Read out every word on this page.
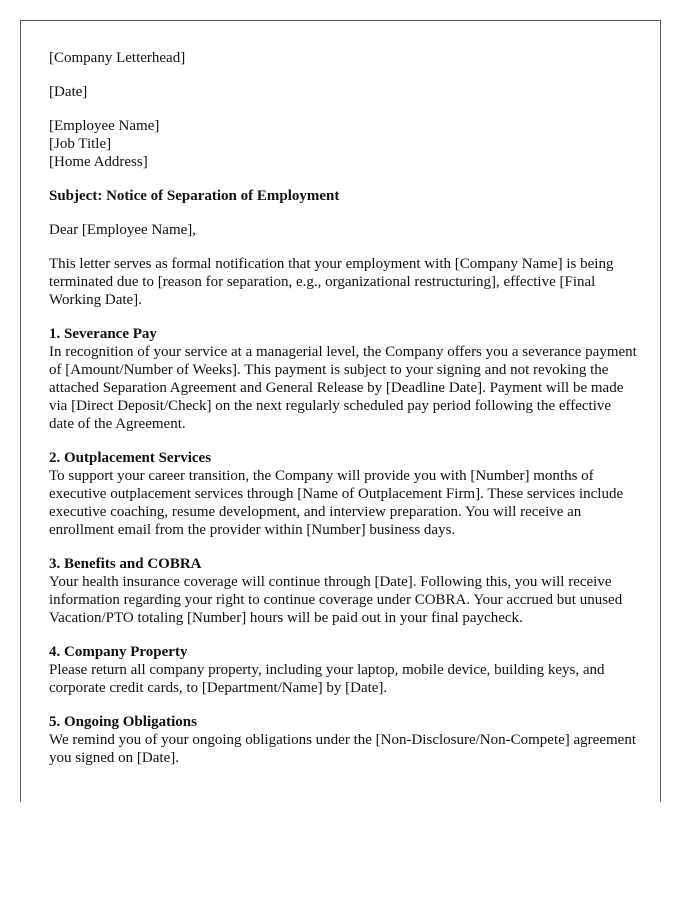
[Company Letterhead]

[Date]

[Employee Name]
[Job Title]
[Home Address]

Subject: Notice of Separation of Employment

Dear [Employee Name],

This letter serves as formal notification that your employment with [Company Name] is being terminated due to [reason for separation, e.g., organizational restructuring], effective [Final Working Date].

1. Severance Pay
In recognition of your service at a managerial level, the Company offers you a severance payment of [Amount/Number of Weeks]. This payment is subject to your signing and not revoking the attached Separation Agreement and General Release by [Deadline Date]. Payment will be made via [Direct Deposit/Check] on the next regularly scheduled pay period following the effective date of the Agreement.
2. Outplacement Services
To support your career transition, the Company will provide you with [Number] months of executive outplacement services through [Name of Outplacement Firm]. These services include executive coaching, resume development, and interview preparation. You will receive an enrollment email from the provider within [Number] business days.
3. Benefits and COBRA
Your health insurance coverage will continue through [Date]. Following this, you will receive information regarding your right to continue coverage under COBRA. Your accrued but unused Vacation/PTO totaling [Number] hours will be paid out in your final paycheck.
4. Company Property
Please return all company property, including your laptop, mobile device, building keys, and corporate credit cards, to [Department/Name] by [Date].
5. Ongoing Obligations
We remind you of your ongoing obligations under the [Non-Disclosure/Non-Compete] agreement you signed on [Date].
